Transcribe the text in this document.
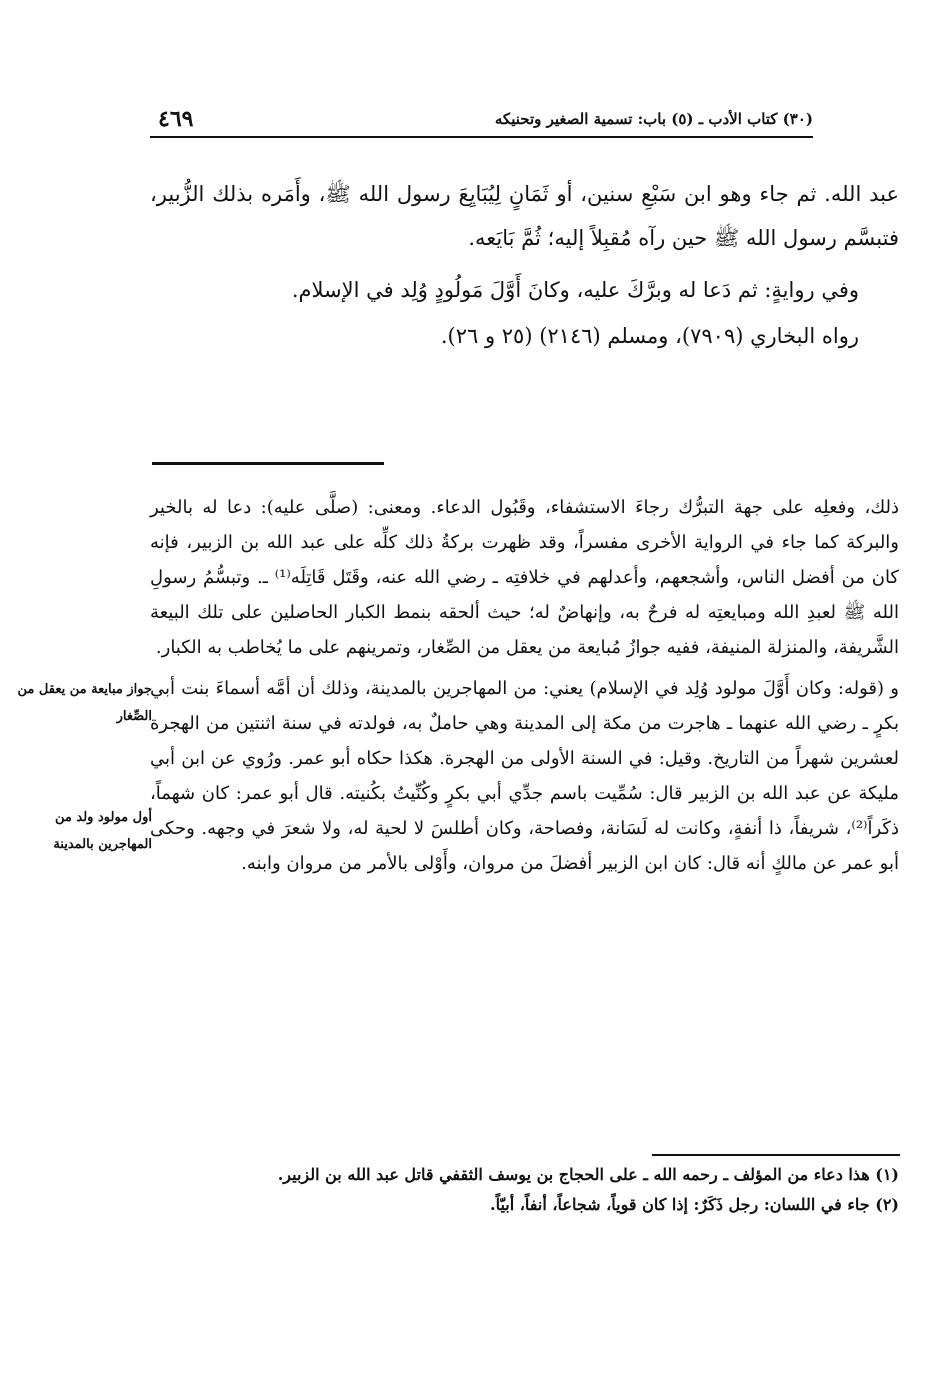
٤٦٩	(٣٠) كتاب الأدب ـ (٥) باب: تسمية الصغير وتحنيكه

عبد الله. ثم جاء وهو ابن سَبْعِ سنين، أو ثَمَانٍ لِيُبَايِعَ رسول الله ﷺ، وأَمَره بذلك الزُّبير، فتبسَّم رسول الله ﷺ حين رآه مُقبِلاً إليه؛ ثُمَّ بَايَعه.

وفي روايةٍ: ثم دَعا له وبرَّكَ عليه، وكانَ أَوَّلَ مَولُودٍ وُلِد في الإسلام.

رواه البخاري (٧٩٠٩)، ومسلم (٢١٤٦) (٢٥ و ٢٦).

ذلك، وفعلِه على جهة التبرُّك رجاءَ الاستشفاء، وقَبُول الدعاء. ومعنى: (صلَّى عليه): دعا له بالخير والبركة كما جاء في الرواية الأخرى مفسراً، وقد ظهرت بركةُ ذلك كلِّه على عبد الله بن الزبير، فإنه كان من أفضل الناس، وأشجعهم، وأعدلهم في خلافتِه ـ رضي الله عنه، وقَتَل قَاتِلَه⁽¹⁾ ـ. وتبسُّمُ رسولِ الله ﷺ لعبدِ الله ومبايعتِه له فرحٌ به، وإنهاضٌ له؛ حيث ألحقه بنمط الكبار الحاصلين على تلك البيعة الشَّريفة، والمنزلة المنيفة، ففيه جوازُ مُبايعة من يعقل من الصِّغار، وتمرينهم على ما يُخاطب به الكبار.

و (قوله: وكان أَوَّلَ مولود وُلِد في الإسلام) يعني: من المهاجرين بالمدينة، وذلك أن أمَّه أسماءَ بنت أبي بكرٍ ـ رضي الله عنهما ـ هاجرت من مكة إلى المدينة وهي حاملٌ به، فولدته في سنة اثنتين من الهجرة لعشرين شهراً من التاريخ. وقيل: في السنة الأولى من الهجرة. هكذا حكاه أبو عمر. ورُوي عن ابن أبي مليكة عن عبد الله بن الزبير قال: سُمِّيت باسم جدِّي أبي بكرٍ وكُنِّيتُ بكُنيته. قال أبو عمر: كان شهماً، ذكَراً⁽²⁾، شريفاً، ذا أنفةٍ، وكانت له لَسَانة، وفصاحة، وكان أطلسَ لا لحية له، ولا شعرَ في وجهه. وحكى أبو عمر عن مالكٍ أنه قال: كان ابن الزبير أفضلَ من مروان، وأَوْلى بالأمر من مروان وابنه.

جواز مبايعة من يعقل من الصِّغار
أول مولود ولد من المهاجرين بالمدينة

(١) هذا دعاء من المؤلف ـ رحمه الله ـ على الحجاج بن يوسف الثقفي قاتل عبد الله بن الزبير.

(٢) جاء في اللسان: رجل ذَكَرٌ: إذا كان قوياً، شجاعاً، أنفاً، أبيّاً.
